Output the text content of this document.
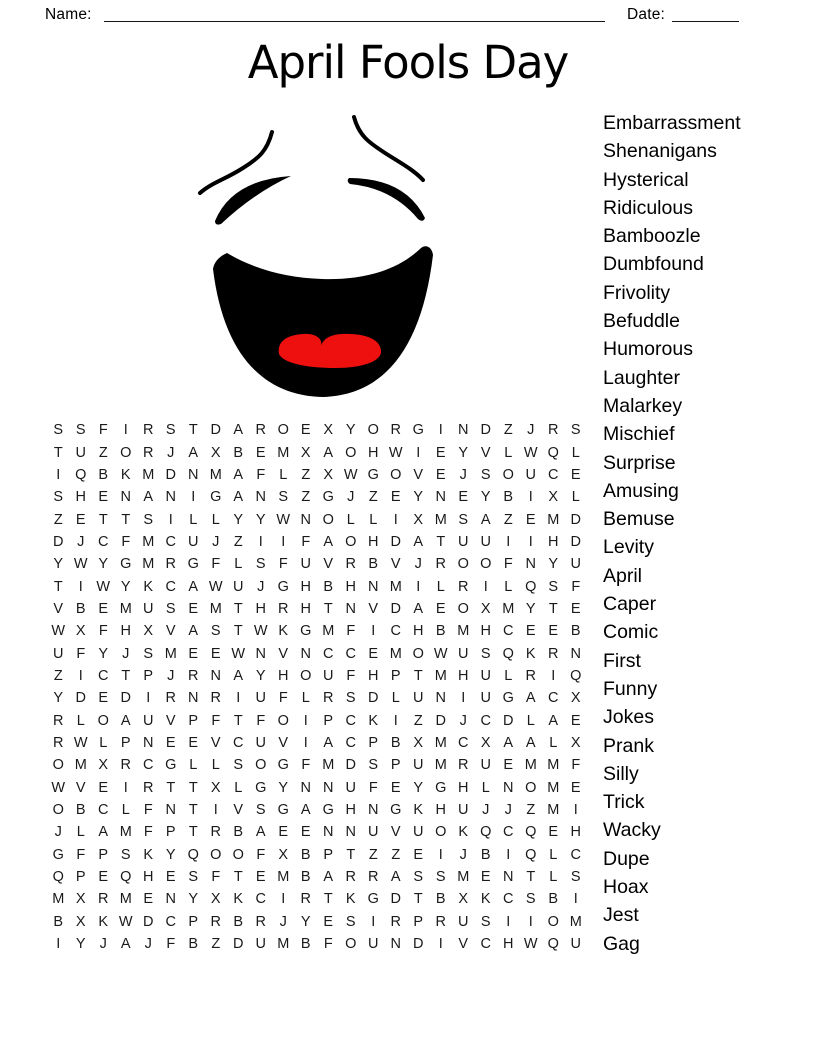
Name:	Date:
April Fools Day
Embarrassment
Shenanigans
Hysterical
Ridiculous
Bamboozle
Dumbfound
Frivolity
Befuddle
Humorous
Laughter
Malarkey
Mischief
Surprise
Amusing
Bemuse
Levity
April
Caper
Comic
First
Funny
Jokes
Prank
Silly
Trick
Wacky
Dupe
Hoax
Jest
Gag
S S F	I	R S T D A R O E X Y O R G	I	N D Z J R S
T U Z O R J A X B E M X A O H W I	E Y V L W Q L
I	Q B K M D N M A F L Z X W G O V E J S O U C E
S H E N A N	I	G A N S Z G J Z E Y N E Y B	I	X L
Z E T T S	I	L L Y Y W N O L L	I	X M S A Z E M D
D J C F M C U J Z	I	I	F A O H D A T U U	I	I	H D
Y W Y G M R G F L S F U V R B V J R O O F N Y U
T	I W Y K C A W U J G H B H N M I	L R	I	L Q S F
V B E M U S E M T H R H T N V D A E O X M Y T E
W X F H X V A S T W K G M F	I	C H B M H C E E B
U F Y J S M E E W N V N C C E M O W U S Q K R N
Z	I	C T P J R N A Y H O U F H P T M H U L R	I	Q
Y D E D	I	R N R	I	U F L R S D L U N	I	U G A C X
R L O A U V P F T F O	I	P C K	I	Z D J C D L A E
R W L P N E E V C U V	I	A C P B X M C X A A L X
O M X R C G L L S O G F M D S P U M R U E M M F
W V E	I	R T T X L G Y N N U F E Y G H L N O M E
O B C L F N T	I	V S G A G H N G K H U J	J Z M I
J	L A M F P T R B A E E N N U V U O K Q C Q E H
G F P S K Y Q O O F X B P T Z Z E	I	J B	I	Q L C
Q P E Q H E S F T E M B A R R A S S M E N T L S
M X R M E N Y X K C	I	R T K G D T B X K C S B	I
B X K W D C P R B R J Y E S	I	R P R U S	I	I	O M
I	Y J A J F B Z D U M B F O U N D	I	V C H W Q U
